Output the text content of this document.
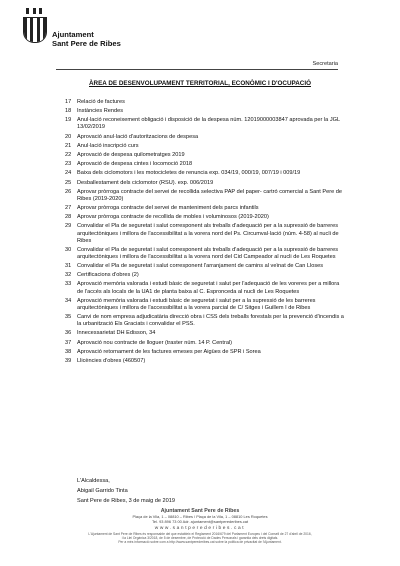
Ajuntament
Sant Pere de Ribes
Secretaria
ÀREA DE DESENVOLUPAMENT TERRITORIAL, ECONÒMIC I D'OCUPACIÓ
17	Relació de factures
18	Instàncies Rendes
19	Anul·lació reconeixement obligació i disposició de la despesa núm. 12019000003847 aprovada per la JGL 13/02/2019
20	Aprovació anul·lació d'autoritzacions de despesa
21	Anul·lació inscripció curs
22	Aprovació de despesa quilometratges 2019
23	Aprovació de despesa cintes i locomoció 2018
24	Baixa dels ciclomotors i les motocicletes de renuncia exp. 034/19, 000/19, 007/19 i 009/19
25	Desballestament dels ciclomotor (RSU). exp. 006/2019
26	Aprovar pròrroga contracte del servei de recollida selectiva PAP del paper- cartró comercial a Sant Pere de Ribes (2019-2020)
27	Aprovar pròrroga contracte del servei de manteniment dels parcs infantils
28	Aprovar pròrroga contracte de recollida de mobles i voluminosos (2019-2020)
29	Convalidar el Pla de seguretat i salut corresponent als treballs d'adequació per a la supressió de barreres arquitectòniques i millora de l'accessibilitat a la vorera nord del Ps. Circumval·lació (núm. 4-58) al nucli de Ribes
30	Convalidar el Pla de seguretat i salut corresponent als treballs d'adequació per a la supressió de barreres arquitectòniques i millora de l'accessibilitat a la vorera nord del Cid Campeador al nucli de Les Roquetes
31	Convalidar el Pla de seguretat i salut corresponent l'arranjament de camins al veïnat de Can Lloses
32	Certificacions d'obres (2)
33	Aprovació memòria valorada i estudi bàsic de seguretat i salut per l'adequació de les voreres per a millora de l'accés als locals de la UA1 de planta baixa al C. Espronceda al nucli de Les Roquetes
34	Aprovació memòria valorada i estudi bàsic de seguretat i salut per a la supressió de les barreres arquitectòniques i millora de l'accessibilitat a la vorera parcial de C/ Sitges i Guillem I de Ribes
35	Canvi de nom empresa adjudicatària direcció obra i CSS dels treballs forestals per la prevenció d'incendis a la urbanització Els Graciats i convalidar el PSS.
36	Innecessarietat DH Edisson, 34
37	Aprovació nou contracte de lloguer (traster núm. 14 P. Central)
38	Aprovació retornament de les factures emeses per Aigües de SPR i Sorea
39	Llicències d'obres (460507)
L'Alcaldessa,
Abigail Garrido Tinta
Sant Pere de Ribes, 3 de maig de 2019
Ajuntament Sant Pere de Ribes
Plaça de la Vila, 1 – 08810 – Ribes / Plaça de la Vila, 1 – 08810 Les Roquetes
Tel. 93 896 73 00 Adr. ajuntament@santperederibes.cat
www.santperederibes.cat
L'Ajuntament de Sant Pere de Ribes és responsable del que estableix el Reglament 2016/679 del Parlament Europeu i del Consell de 27 d'abril de 2016,
i la Llei Orgànica 3/2018, de 5 de desembre, de Protecció de Dades Personals i garantia dels drets digitals.
Per a més informació sobre com a http://www.santperederibes.cat sobre la política de privacitat de l'Ajuntament.
